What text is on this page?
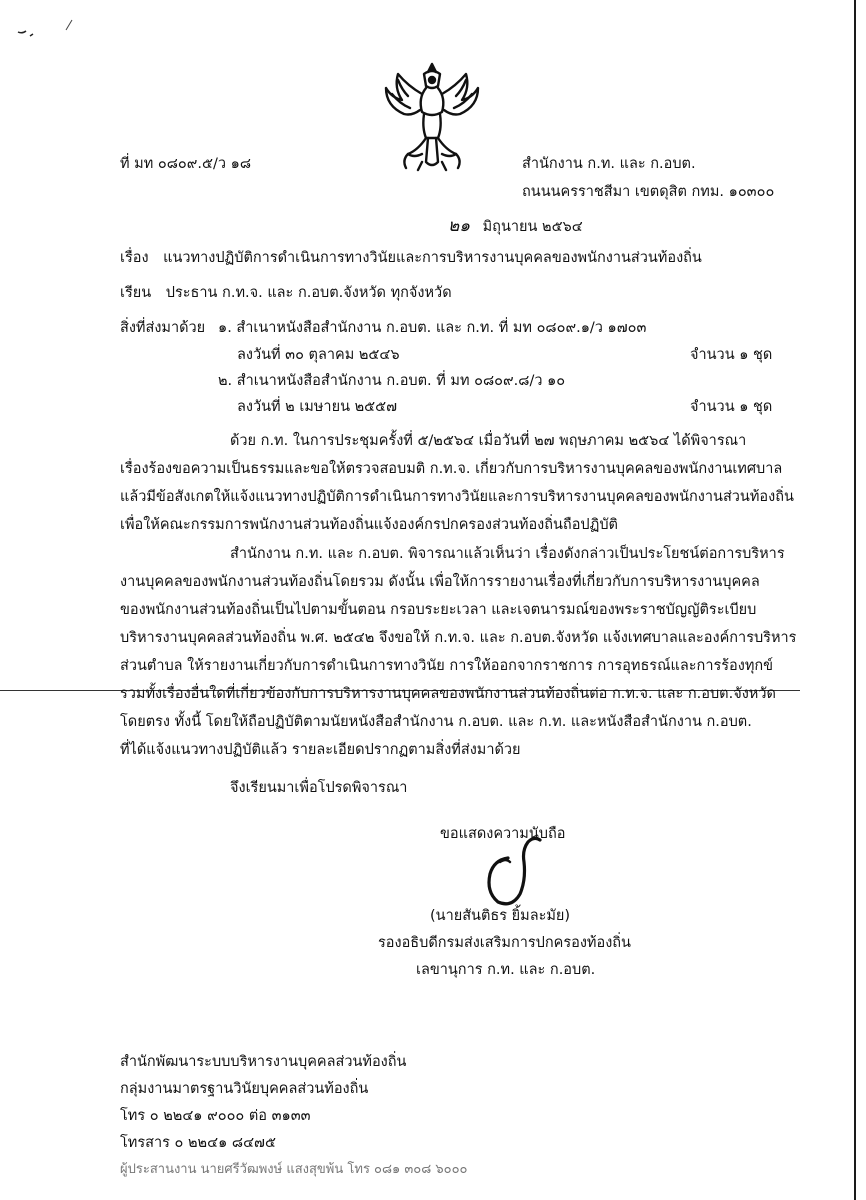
ที่ มท ๐๘๐๙.๕/ว ๑๘	สำนักงาน ก.ท. และ ก.อบต.
ถนนนครราชสีมา เขตดุสิต กทม. ๑๐๓๐๐
๒๑ มิถุนายน ๒๕๖๔
เรื่อง แนวทางปฏิบัติการดำเนินการทางวินัยและการบริหารงานบุคคลของพนักงานส่วนท้องถิ่น
เรียน ประธาน ก.ท.จ. และ ก.อบต.จังหวัด ทุกจังหวัด
สิ่งที่ส่งมาด้วย ๑. สำเนาหนังสือสำนักงาน ก.อบต. และ ก.ท. ที่ มท ๐๘๐๙.๑/ว ๑๗๐๓
ลงวันที่ ๓๐ ตุลาคม ๒๕๔๖	จำนวน ๑ ชุด
๒. สำเนาหนังสือสำนักงาน ก.อบต. ที่ มท ๐๘๐๙.๘/ว ๑๐
ลงวันที่ ๒ เมษายน ๒๕๕๗	จำนวน ๑ ชุด
ด้วย ก.ท. ในการประชุมครั้งที่ ๕/๒๕๖๔ เมื่อวันที่ ๒๗ พฤษภาคม ๒๕๖๔ ได้พิจารณา
เรื่องร้องขอความเป็นธรรมและขอให้ตรวจสอบมติ ก.ท.จ. เกี่ยวกับการบริหารงานบุคคลของพนักงานเทศบาล
แล้วมีข้อสังเกตให้แจ้งแนวทางปฏิบัติการดำเนินการทางวินัยและการบริหารงานบุคคลของพนักงานส่วนท้องถิ่น
เพื่อให้คณะกรรมการพนักงานส่วนท้องถิ่นแจ้งองค์กรปกครองส่วนท้องถิ่นถือปฏิบัติ
สำนักงาน ก.ท. และ ก.อบต. พิจารณาแล้วเห็นว่า เรื่องดังกล่าวเป็นประโยชน์ต่อการบริหาร
งานบุคคลของพนักงานส่วนท้องถิ่นโดยรวม ดังนั้น เพื่อให้การรายงานเรื่องที่เกี่ยวกับการบริหารงานบุคคล
ของพนักงานส่วนท้องถิ่นเป็นไปตามขั้นตอน กรอบระยะเวลา และเจตนารมณ์ของพระราชบัญญัติระเบียบ
บริหารงานบุคคลส่วนท้องถิ่น พ.ศ. ๒๕๔๒ จึงขอให้ ก.ท.จ. และ ก.อบต.จังหวัด แจ้งเทศบาลและองค์การบริหาร
ส่วนตำบล ให้รายงานเกี่ยวกับการดำเนินการทางวินัย การให้ออกจากราชการ การอุทธรณ์และการร้องทุกข์
รวมทั้งเรื่องอื่นใดที่เกี่ยวข้องกับการบริหารงานบุคคลของพนักงานส่วนท้องถิ่นต่อ ก.ท.จ. และ ก.อบต.จังหวัด
โดยตรง ทั้งนี้ โดยให้ถือปฏิบัติตามนัยหนังสือสำนักงาน ก.อบต. และ ก.ท. และหนังสือสำนักงาน ก.อบต.
ที่ได้แจ้งแนวทางปฏิบัติแล้ว รายละเอียดปรากฏตามสิ่งที่ส่งมาด้วย
จึงเรียนมาเพื่อโปรดพิจารณา
ขอแสดงความนับถือ
(นายสันติธร ยิ้มละมัย)
รองอธิบดีกรมส่งเสริมการปกครองท้องถิ่น
เลขานุการ ก.ท. และ ก.อบต.
สำนักพัฒนาระบบบริหารงานบุคคลส่วนท้องถิ่น
กลุ่มงานมาตรฐานวินัยบุคคลส่วนท้องถิ่น
โทร ๐ ๒๒๔๑ ๙๐๐๐ ต่อ ๓๑๓๓
โทรสาร ๐ ๒๒๔๑ ๘๔๗๕
ผู้ประสานงาน นายศรีวัฒพงษ์ แสงสุขพ้น โทร ๐๘๑ ๓๐๘ ๖๐๐๐
